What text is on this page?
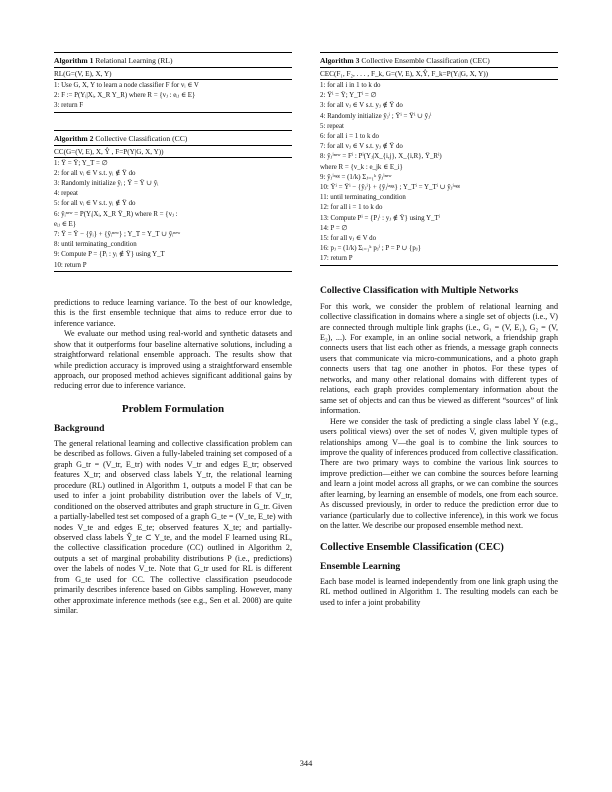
Algorithm 1 Relational Learning (RL)
RL(G=(V, E), X, Y)
1: Use G, X, Y to learn a node classifier F for vᵢ ∈ V
2: F := P(Yᵢ|Xᵢ, X_R Y_R) where R = {vⱼ : eᵢⱼ ∈ E}
3: return F
Algorithm 2 Collective Classification (CC)
CC(G=(V, E), X, Ŷ , F=P(Y|G, X, Y))
1: Ŷ = Ŷ; Y_T = ∅
2: for all vᵢ ∈ V s.t. yᵢ ∉ Ŷ do
3: Randomly initialize ŷᵢ ; Ŷ = Ŷ ∪ ŷᵢ
4: repeat
5: for all vᵢ ∈ V s.t. yᵢ ∉ Ŷ do
6: ŷᵢⁿᵉʷ = P(Yᵢ|Xᵢ, X_R Ŷ_R) where R = {vⱼ :
eᵢⱼ ∈ E}
7: Ŷ = Ŷ − {ŷᵢ} + {ŷᵢⁿᵉʷ} ; Y_T = Y_T ∪ ŷᵢⁿᵉʷ
8: until terminating_condition
9: Compute P = {Pᵢ : yᵢ ∉ Ŷ} using Y_T
10: return P

predictions to reduce learning variance. To the best of our knowledge, this is the first ensemble technique that aims to reduce error due to inference variance.

We evaluate our method using real-world and synthetic datasets and show that it outperforms four baseline alternative solutions, including a straightforward relational ensemble approach. The results show that while prediction accuracy is improved using a straightforward ensemble approach, our proposed method achieves significant additional gains by reducing error due to inference variance.

Problem Formulation
Background

The general relational learning and collective classification problem can be described as follows. Given a fully-labeled training set composed of a graph G_tr = (V_tr, E_tr) with nodes V_tr and edges E_tr; observed features X_tr; and observed class labels Y_tr, the relational learning procedure (RL) outlined in Algorithm 1, outputs a model F that can be used to infer a joint probability distribution over the labels of V_tr, conditioned on the observed attributes and graph structure in G_tr. Given a partially-labelled test set composed of a graph G_te = (V_te, E_te) with nodes V_te and edges E_te; observed features X_te; and partially-observed class labels Ŷ_te ⊂ Y_te, and the model F learned using RL, the collective classification procedure (CC) outlined in Algorithm 2, outputs a set of marginal probability distributions P (i.e., predictions) over the labels of nodes V_te. Note that G_tr used for RL is different from G_te used for CC. The collective classification pseudocode primarily describes inference based on Gibbs sampling. However, many other approximate inference methods (see e.g., Sen et al. 2008) are quite similar.

Algorithm 3 Collective Ensemble Classification (CEC)
CEC(F₁, F₂, . . . , F_k, G=(V, E), X,Ŷ, F_k=P(Yᵢ|G, X, Y))
1: for all i in 1 to k do
2: Ŷⁱ = Ŷ; Y_Tⁱ = ∅
3: for all vⱼ ∈ V s.t. yⱼ ∉ Ŷ do
4: Randomly initialize ŷⱼⁱ ; Ŷⁱ = Ŷⁱ ∪ ŷⱼⁱ
5: repeat
6: for all i = 1 to k do
7: for all vⱼ ∈ V s.t. yⱼ ∉ Ŷ do
8: ŷⱼⁱⁿᵉʷ = Fⁱ : Pⁱ(Yⱼ|X_{i,j}, X_{i,R}, Ŷ_Rⁱ)
where R = {v_k : e_jk ∈ E_i}
9: ŷⱼⁱᵃᵍᵍ = (1/k) Σⱼ₌₁ᵏ ŷⱼⁱⁿᵉʷ
10: Ŷⁱ = Ŷⁱ − {ŷⱼⁱ} + {ŷⱼⁱᵃᵍᵍ} ; Y_Tⁱ = Y_Tⁱ ∪ ŷⱼⁱᵃᵍᵍ
11: until terminating_condition
12: for all i = 1 to k do
13: Compute Pⁱ = {Pⱼⁱ : yⱼ ∉ Ŷ} using Y_Tⁱ
14: P = ∅
15: for all vⱼ ∈ V do
16: pⱼ = (1/k) Σᵢ₌₁ᵏ pⱼⁱ ; P = P ∪ {pⱼ}
17: return P
Collective Classification with Multiple Networks

For this work, we consider the problem of relational learning and collective classification in domains where a single set of objects (i.e., V) are connected through multiple link graphs (i.e., G₁ = (V, E₁), G₂ = (V, E₂), ...). For example, in an online social network, a friendship graph connects users that list each other as friends, a message graph connects users that communicate via micro-communications, and a photo graph connects users that tag one another in photos. For these types of networks, and many other relational domains with different types of relations, each graph provides complementary information about the same set of objects and can thus be viewed as different “sources” of link information.

Here we consider the task of predicting a single class label Y (e.g., users political views) over the set of nodes V, given multiple types of relationships among V—the goal is to combine the link sources to improve the quality of inferences produced from collective classification. There are two primary ways to combine the various link sources to improve prediction—either we can combine the sources before learning and learn a joint model across all graphs, or we can combine the sources after learning, by learning an ensemble of models, one from each source. As discussed previously, in order to reduce the prediction error due to variance (particularly due to collective inference), in this work we focus on the latter. We describe our proposed ensemble method next.

Collective Ensemble Classification (CEC)
Ensemble Learning

Each base model is learned independently from one link graph using the RL method outlined in Algorithm 1. The resulting models can each be used to infer a joint probability

344
